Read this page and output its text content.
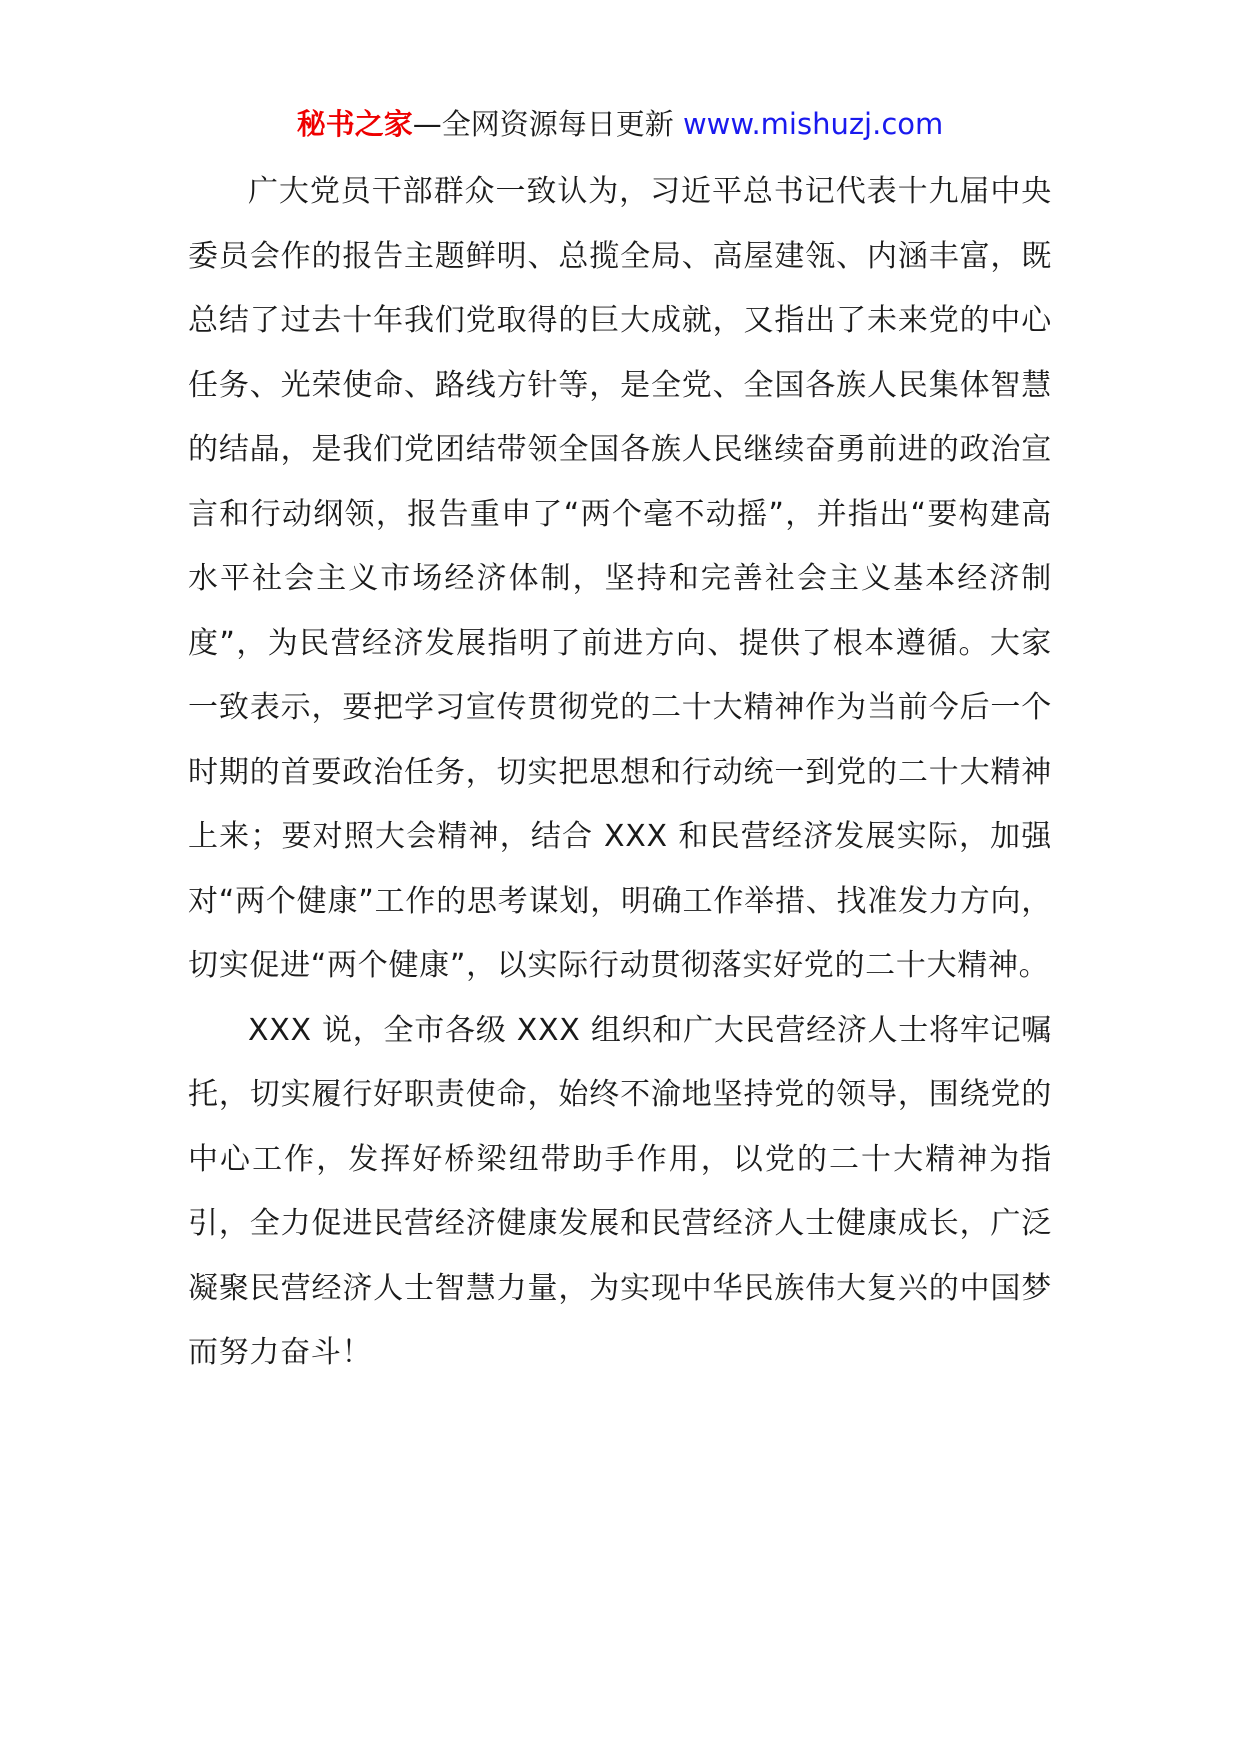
秘书之家—全网资源每日更新 www.mishuzj.com

广大党员干部群众一致认为，习近平总书记代表十九届中央委员会作的报告主题鲜明、总揽全局、高屋建瓴、内涵丰富，既总结了过去十年我们党取得的巨大成就，又指出了未来党的中心任务、光荣使命、路线方针等，是全党、全国各族人民集体智慧的结晶，是我们党团结带领全国各族人民继续奋勇前进的政治宣言和行动纲领，报告重申了“两个毫不动摇”，并指出“要构建高水平社会主义市场经济体制，坚持和完善社会主义基本经济制度”，为民营经济发展指明了前进方向、提供了根本遵循。大家一致表示，要把学习宣传贯彻党的二十大精神作为当前今后一个时期的首要政治任务，切实把思想和行动统一到党的二十大精神上来；要对照大会精神，结合 XXX 和民营经济发展实际，加强对“两个健康”工作的思考谋划，明确工作举措、找准发力方向，切实促进“两个健康”，以实际行动贯彻落实好党的二十大精神。

XXX 说，全市各级 XXX 组织和广大民营经济人士将牢记嘱托，切实履行好职责使命，始终不渝地坚持党的领导，围绕党的中心工作，发挥好桥梁纽带助手作用，以党的二十大精神为指引，全力促进民营经济健康发展和民营经济人士健康成长，广泛凝聚民营经济人士智慧力量，为实现中华民族伟大复兴的中国梦而努力奋斗！
